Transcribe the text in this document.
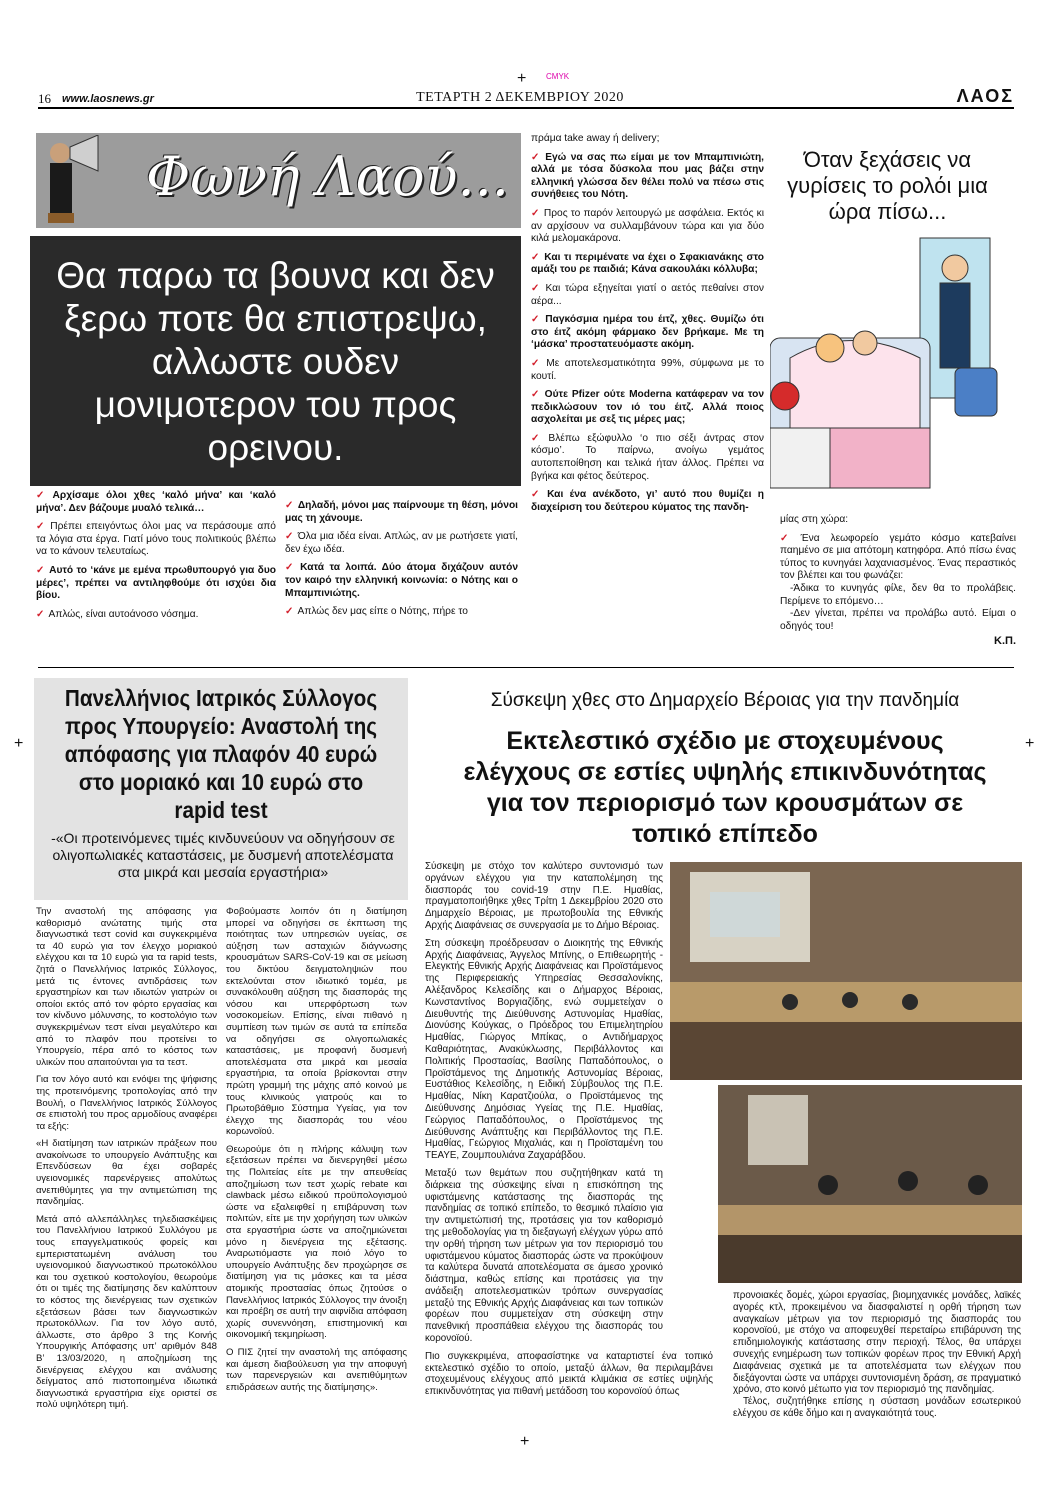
+ CMYK
+	+
+
16 www.laosnews.gr	ΤΕΤΑΡΤΗ 2 ΔΕΚΕΜΒΡΙΟΥ 2020	ΛΑΟΣ
Φωνή Λαού...
Θα παρω τα βουνα και δεν ξερω ποτε θα επιστρεψω, αλλωστε ουδεν μονιμοτερον του προς ορεινου.

✓ Αρχίσαμε όλοι χθες ‘καλό μήνα’ και ‘καλό μήνα’. Δεν βάζουμε μυαλό τελικά…

✓ Πρέπει επειγόντως όλοι μας να περάσουμε από τα λόγια στα έργα. Γιατί μόνο τους πολιτικούς βλέπω να το κάνουν τελευταίως.

✓ Αυτό το ‘κάνε με εμένα πρωθυπουργό για δυο μέρες’, πρέπει να αντιληφθούμε ότι ισχύει δια βίου.

✓ Απλώς, είναι αυτοάνοσο νόσημα.

✓ Δηλαδή, μόνοι μας παίρνουμε τη θέση, μόνοι μας τη χάνουμε.

✓ Όλα μια ιδέα είναι. Απλώς, αν με ρωτήσετε γιατί, δεν έχω ιδέα.

✓ Κατά τα λοιπά. Δύο άτομα διχάζουν αυτόν τον καιρό την ελληνική κοινωνία: ο Νότης και ο Μπαμπινιώτης.

✓ Απλώς δεν μας είπε ο Νότης, πήρε το

πράμα take away ή delivery;

✓ Εγώ να σας πω είμαι με τον Μπαμπινιώτη, αλλά με τόσα δύσκολα που μας βάζει στην ελληνική γλώσσα δεν θέλει πολύ να πέσω στις συνήθειες του Νότη.

✓ Προς το παρόν λειτουργώ με ασφάλεια. Εκτός κι αν αρχίσουν να συλλαμβάνουν τώρα και για δύο κιλά μελομακάρονα.

✓ Και τι περιμένατε να έχει ο Σφακιανάκης στο αμάξι του ρε παιδιά; Κάνα σακουλάκι κόλλυβα;

✓ Και τώρα εξηγείται γιατί ο αετός πεθαίνει στον αέρα...

✓ Παγκόσμια ημέρα του έιτζ, χθες. Θυμίζω ότι στο έιτζ ακόμη φάρμακο δεν βρήκαμε. Με τη ‘μάσκα’ προστατευόμαστε ακόμη.

✓ Με αποτελεσματικότητα 99%, σύμφωνα με το κουτί.

✓ Ούτε Pfizer ούτε Moderna κατάφεραν να τον πεδικλώσουν τον ιό του έιτζ. Αλλά ποιος ασχολείται με σεξ τις μέρες μας;

✓ Βλέπω εξώφυλλο ‘ο πιο σέξι άντρας στον κόσμο’. Το παίρνω, ανοίγω γεμάτος αυτοπεποίθηση και τελικά ήταν άλλος. Πρέπει να βγήκα και φέτος δεύτερος.

✓ Και ένα ανέκδοτο, γι’ αυτό που θυμίζει η διαχείριση του δεύτερου κύματος της πανδη-

Όταν ξεχάσεις να γυρίσεις το ρολόι μια ώρα πίσω...

μίας στη χώρα:

✓ Ένα λεωφορείο γεμάτο κόσμο κατεβαίνει παημένο σε μια απότομη κατηφόρα. Από πίσω ένας τύπος το κυνηγάει λαχανιασμένος. Ένας περαστικός τον βλέπει και του φωνάζει:

-Άδικα το κυνηγάς φίλε, δεν θα το προλάβεις. Περίμενε το επόμενο…

-Δεν γίνεται, πρέπει να προλάβω αυτό. Είμαι ο οδηγός του!

Κ.Π.

Πανελλήνιος Ιατρικός Σύλλογος προς Υπουργείο: Αναστολή της απόφασης για πλαφόν 40 ευρώ στο μοριακό και 10 ευρώ στο rapid test
-«Οι προτεινόμενες τιμές κινδυνεύουν να οδηγήσουν σε ολιγοπωλιακές καταστάσεις, με δυσμενή αποτελέσματα στα μικρά και μεσαία εργαστήρια»

Την αναστολή της απόφασης για καθορισμό ανώτατης τιμής στα διαγνωστικά τεστ covid και συγκεκριμένα τα 40 ευρώ για τον έλεγχο μοριακού ελέγχου και τα 10 ευρώ για τα rapid tests, ζητά ο Πανελλήνιος Ιατρικός Σύλλογος, μετά τις έντονες αντιδράσεις των εργαστηρίων και των ιδιωτών γιατρών οι οποίοι εκτός από τον φόρτο εργασίας και τον κίνδυνο μόλυνσης, το κοστολόγιο των συγκεκριμένων τεστ είναι μεγαλύτερο και από το πλαφόν που προτείνει το Υπουργείο, πέρα από το κόστος των υλικών που απαιτούνται για τα τεστ.

Για τον λόγο αυτό και ενόψει της ψήφισης της προτεινόμενης τροπολογίας από την Βουλή, ο Πανελλήνιος Ιατρικός Σύλλογος σε επιστολή του προς αρμοδίους αναφέρει τα εξής:

«Η διατίμηση των ιατρικών πράξεων που ανακοίνωσε το υπουργείο Ανάπτυξης και Επενδύσεων θα έχει σοβαρές υγειονομικές παρενέργειες απολύτως ανεπιθύμητες για την αντιμετώπιση της πανδημίας.

Μετά από αλλεπάλληλες τηλεδιασκέψεις του Πανελλήνιου Ιατρικού Συλλόγου με τους επαγγελματικούς φορείς και εμπεριστατωμένη ανάλυση του υγειονομικού διαγνωστικού πρωτοκόλλου και του σχετικού κοστολογίου, θεωρούμε ότι οι τιμές της διατίμησης δεν καλύπτουν το κόστος της διενέργειας των σχετικών εξετάσεων βάσει των διαγνωστικών πρωτοκόλλων. Για τον λόγο αυτό, άλλωστε, στο άρθρο 3 της Κοινής Υπουργικής Απόφασης υπ’ αριθμόν 848 Β’ 13/03/2020, η αποζημίωση της διενέργειας ελέγχου και ανάλυσης δείγματος από πιστοποιημένα ιδιωτικά διαγνωστικά εργαστήρια είχε οριστεί σε πολύ υψηλότερη τιμή.

Φοβούμαστε λοιπόν ότι η διατίμηση μπορεί να οδηγήσει σε έκπτωση της ποιότητας των υπηρεσιών υγείας, σε αύξηση των ασταχιών διάγνωσης κρουσμάτων SARS-CoV-19 και σε μείωση του δικτύου δειγματοληψιών που εκτελούνται στον ιδιωτικό τομέα, με συνακόλουθη αύξηση της διασποράς της νόσου και υπερφόρτωση των νοσοκομείων. Επίσης, είναι πιθανό η συμπίεση των τιμών σε αυτά τα επίπεδα να οδηγήσει σε ολιγοπωλιακές καταστάσεις, με προφανή δυσμενή αποτελέσματα στα μικρά και μεσαία εργαστήρια, τα οποία βρίσκονται στην πρώτη γραμμή της μάχης από κοινού με τους κλινικούς γιατρούς και το Πρωτοβάθμιο Σύστημα Υγείας, για τον έλεγχο της διασποράς του νέου κορωνοϊού.

Θεωρούμε ότι η πλήρης κάλυψη των εξετάσεων πρέπει να διενεργηθεί μέσω της Πολιτείας είτε με την απευθείας αποζημίωση των τεστ χωρίς rebate και clawback μέσω ειδικού προϋπολογισμού ώστε να εξαλειφθεί η επιβάρυνση των πολιτών, είτε με την χορήγηση των υλικών στα εργαστήρια ώστε να αποζημιώνεται μόνο η διενέργεια της εξέτασης. Αναρωτιόμαστε για ποιό λόγο το υπουργείο Ανάπτυξης δεν προχώρησε σε διατίμηση για τις μάσκες και τα μέσα ατομικής προστασίας όπως ζητούσε ο Πανελλήνιος Ιατρικός Σύλλογος την άνοιξη και προέβη σε αυτή την αιφνίδια απόφαση χωρίς συνεννόηση, επιστημονική και οικονομική τεκμηρίωση.

Ο ΠΙΣ ζητεί την αναστολή της απόφασης και άμεση διαβούλευση για την αποφυγή των παρενεργειών και ανεπιθύμητων επιδράσεων αυτής της διατίμησης».

Σύσκεψη χθες στο Δημαρχείο Βέροιας για την πανδημία
Εκτελεστικό σχέδιο με στοχευμένους ελέγχους σε εστίες υψηλής επικινδυνότητας για τον περιορισμό των κρουσμάτων σε τοπικό επίπεδο

Σύσκεψη με στόχο τον καλύτερο συντονισμό των οργάνων ελέγχου για την καταπολέμηση της διασποράς του covid-19 στην Π.Ε. Ημαθίας, πραγματοποιήθηκε χθες Τρίτη 1 Δεκεμβρίου 2020 στο Δημαρχείο Βέροιας, με πρωτοβουλία της Εθνικής Αρχής Διαφάνειας σε συνεργασία με το Δήμο Βέροιας.

Στη σύσκεψη προέδρευσαν ο Διοικητής της Εθνικής Αρχής Διαφάνειας, Άγγελος Μπίνης, ο Επιθεωρητής - Ελεγκτής Εθνικής Αρχής Διαφάνειας και Προϊστάμενος της Περιφερειακής Υπηρεσίας Θεσσαλονίκης, Αλέξανδρος Κελεσίδης και ο Δήμαρχος Βέροιας, Κωνσταντίνος Βοργιαζίδης, ενώ συμμετείχαν ο Διευθυντής της Διεύθυνσης Αστυνομίας Ημαθίας, Διονύσης Κούγκας, ο Πρόεδρος του Επιμελητηρίου Ημαθίας, Γιώργος Μπίκας, ο Αντιδήμαρχος Καθαριότητας, Ανακύκλωσης, Περιβάλλοντος και Πολιτικής Προστασίας, Βασίλης Παπαδόπουλος, ο Προϊστάμενος της Δημοτικής Αστυνομίας Βέροιας, Ευστάθιος Κελεσίδης, η Ειδική Σύμβουλος της Π.Ε. Ημαθίας, Νίκη Καρατζιούλα, ο Προϊστάμενος της Διεύθυνσης Δημόσιας Υγείας της Π.Ε. Ημαθίας, Γεώργιος Παπαδόπουλος, ο Προϊστάμενος της Διεύθυνσης Ανάπτυξης και Περιβάλλοντος της Π.Ε. Ημαθίας, Γεώργιος Μιχαλιάς, και η Προϊσταμένη του ΤΕΑΥΕ, Ζουμπουλιάνα Ζαχαράβδου.

Μεταξύ των θεμάτων που συζητήθηκαν κατά τη διάρκεια της σύσκεψης είναι η επισκόπηση της υφιστάμενης κατάστασης της διασποράς της πανδημίας σε τοπικό επίπεδο, το θεσμικό πλαίσιο για την αντιμετώπισή της, προτάσεις για τον καθορισμό της μεθοδολογίας για τη διεξαγωγή ελέγχων γύρω από την ορθή τήρηση των μέτρων για τον περιορισμό του υφιστάμενου κύματος διασποράς ώστε να προκύψουν τα καλύτερα δυνατά αποτελέσματα σε άμεσο χρονικό διάστημα, καθώς επίσης και προτάσεις για την ανάδειξη αποτελεσματικών τρόπων συνεργασίας μεταξύ της Εθνικής Αρχής Διαφάνειας και των τοπικών φορέων που συμμετείχαν στη σύσκεψη στην πανεθνική προσπάθεια ελέγχου της διασποράς του κορονοϊού.

Πιο συγκεκριμένα, αποφασίστηκε να καταρτιστεί ένα τοπικό εκτελεστικό σχέδιο το οποίο, μεταξύ άλλων, θα περιλαμβάνει στοχευμένους ελέγχους από μεικτά κλιμάκια σε εστίες υψηλής επικινδυνότητας για πιθανή μετάδοση του κορονοϊού όπως

προνοιακές δομές, χώροι εργασίας, βιομηχανικές μονάδες, λαϊκές αγορές κτλ, προκειμένου να διασφαλιστεί η ορθή τήρηση των αναγκαίων μέτρων για τον περιορισμό της διασποράς του κορονοϊού, με στόχο να αποφευχθεί περεταίρω επιβάρυνση της επιδημιολογικής κατάστασης στην περιοχή. Τέλος, θα υπάρχει συνεχής ενημέρωση των τοπικών φορέων προς την Εθνική Αρχή Διαφάνειας σχετικά με τα αποτελέσματα των ελέγχων που διεξάγονται ώστε να υπάρχει συντονισμένη δράση, σε πραγματικό χρόνο, στο κοινό μέτωπο για τον περιορισμό της πανδημίας.

Τέλος, συζητήθηκε επίσης η σύσταση μονάδων εσωτερικού ελέγχου σε κάθε δήμο και η αναγκαιότητά τους.
